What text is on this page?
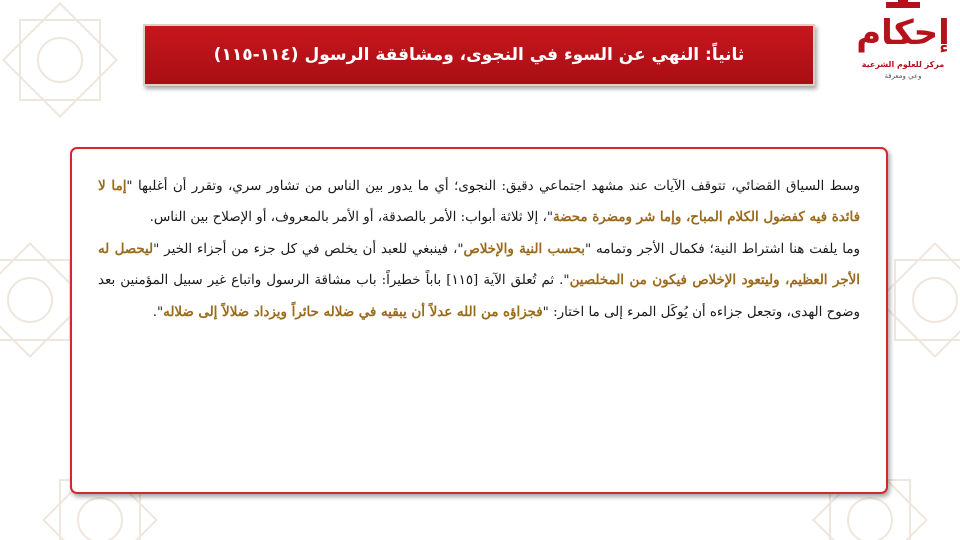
ثانياً: النهي عن السوء في النجوى، ومشاققة الرسول (١١٤-١١٥)
إحكام
مركز للعلوم الشرعية
وعي ومعرفة

وسط السياق القضائي، تتوقف الآيات عند مشهد اجتماعي دقيق: النجوى؛ أي ما يدور بين الناس من تشاور سري، وتقرر أن أغلبها "إما لا فائدة فيه كفضول الكلام المباح، وإما شر ومضرة محضة"، إلا ثلاثة أبواب: الأمر بالصدقة، أو الأمر بالمعروف، أو الإصلاح بين الناس.

وما يلفت هنا اشتراط النية؛ فكمال الأجر وتمامه "بحسب النية والإخلاص"، فينبغي للعبد أن يخلص في كل جزء من أجزاء الخير "ليحصل له الأجر العظيم، وليتعود الإخلاص فيكون من المخلصين". ثم تُعلق الآية [١١٥] باباً خطيراً: باب مشاقة الرسول واتباع غير سبيل المؤمنين بعد وضوح الهدى، وتجعل جزاءه أن يُوكَل المرء إلى ما اختار: "فجزاؤه من الله عدلاً أن يبقيه في ضلاله حائراً ويزداد ضلالاً إلى ضلاله".
